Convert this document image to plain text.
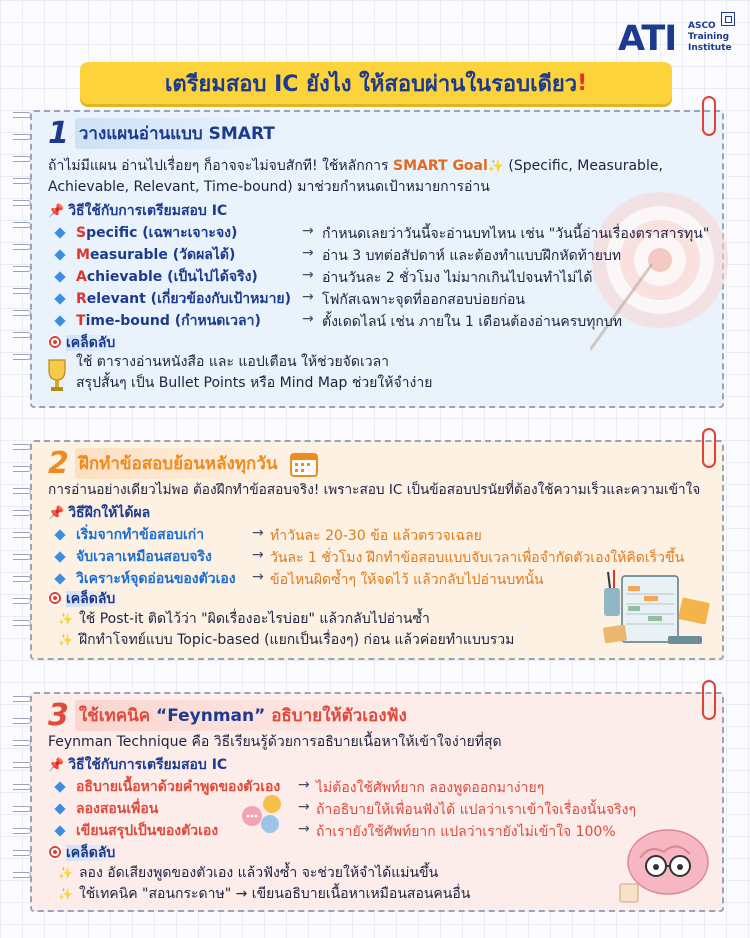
ATI ASCO
Training
Institute
เตรียมสอบ IC ยังไง ให้สอบผ่านในรอบเดียว !
1 วางแผนอ่านแบบ SMART
ถ้าไม่มีแผน อ่านไปเรื่อยๆ ก็อาจจะไม่จบสักที! ใช้หลักการ SMART Goal✨ (Specific, Measurable,
Achievable, Relevant, Time-bound) มาช่วยกำหนดเป้าหมายการอ่าน
📌 วิธีใช้กับการเตรียมสอบ IC
Specific (เฉพาะเจาะจง)	→ กำหนดเลยว่าวันนี้จะอ่านบทไหน เช่น "วันนี้อ่านเรื่องตราสารทุน"
Measurable (วัดผลได้)	→ อ่าน 3 บทต่อสัปดาห์ และต้องทำแบบฝึกหัดท้ายบท
Achievable (เป็นไปได้จริง)	→ อ่านวันละ 2 ชั่วโมง ไม่มากเกินไปจนทำไม่ได้
Relevant (เกี่ยวข้องกับเป้าหมาย) → โฟกัสเฉพาะจุดที่ออกสอบบ่อยก่อน
Time-bound (กำหนดเวลา)	→ ตั้งเดดไลน์ เช่น ภายใน 1 เดือนต้องอ่านครบทุกบท
เคล็ดลับ
ใช้ ตารางอ่านหนังสือ และ แอปเตือน ให้ช่วยจัดเวลา
สรุปสั้นๆ เป็น Bullet Points หรือ Mind Map ช่วยให้จำง่าย
2 ฝึกทำข้อสอบย้อนหลังทุกวัน
การอ่านอย่างเดียวไม่พอ ต้องฝึกทำข้อสอบจริง! เพราะสอบ IC เป็นข้อสอบปรนัยที่ต้องใช้ความเร็วและความเข้าใจ
📌 วิธีฝึกให้ได้ผล
เริ่มจากทำข้อสอบเก่า	→ ทำวันละ 20-30 ข้อ แล้วตรวจเฉลย
จับเวลาเหมือนสอบจริง	→ วันละ 1 ชั่วโมง ฝึกทำข้อสอบแบบจับเวลาเพื่อจำกัดตัวเองให้คิดเร็วขึ้น
วิเคราะห์จุดอ่อนของตัวเอง → ข้อไหนผิดซ้ำๆ ให้จดไว้ แล้วกลับไปอ่านบทนั้น
เคล็ดลับ
✨ ใช้ Post-it ติดไว้ว่า "ผิดเรื่องอะไรบ่อย" แล้วกลับไปอ่านซ้ำ
✨ ฝึกทำโจทย์แบบ Topic-based (แยกเป็นเรื่องๆ) ก่อน แล้วค่อยทำแบบรวม
3 ใช้เทคนิค “Feynman” อธิบายให้ตัวเองฟัง
Feynman Technique คือ วิธีเรียนรู้ด้วยการอธิบายเนื้อหาให้เข้าใจง่ายที่สุด
📌 วิธีใช้กับการเตรียมสอบ IC
อธิบายเนื้อหาด้วยคำพูดของตัวเอง → ไม่ต้องใช้ศัพท์ยาก ลองพูดออกมาง่ายๆ
ลองสอนเพื่อน	→ ถ้าอธิบายให้เพื่อนฟังได้ แปลว่าเราเข้าใจเรื่องนั้นจริงๆ
เขียนสรุปเป็นของตัวเอง	→ ถ้าเรายังใช้ศัพท์ยาก แปลว่าเรายังไม่เข้าใจ 100%
เคล็ดลับ
✨ ลอง อัดเสียงพูดของตัวเอง แล้วฟังซ้ำ จะช่วยให้จำได้แม่นขึ้น
✨ ใช้เทคนิค "สอนกระดาษ" → เขียนอธิบายเนื้อหาเหมือนสอนคนอื่น
